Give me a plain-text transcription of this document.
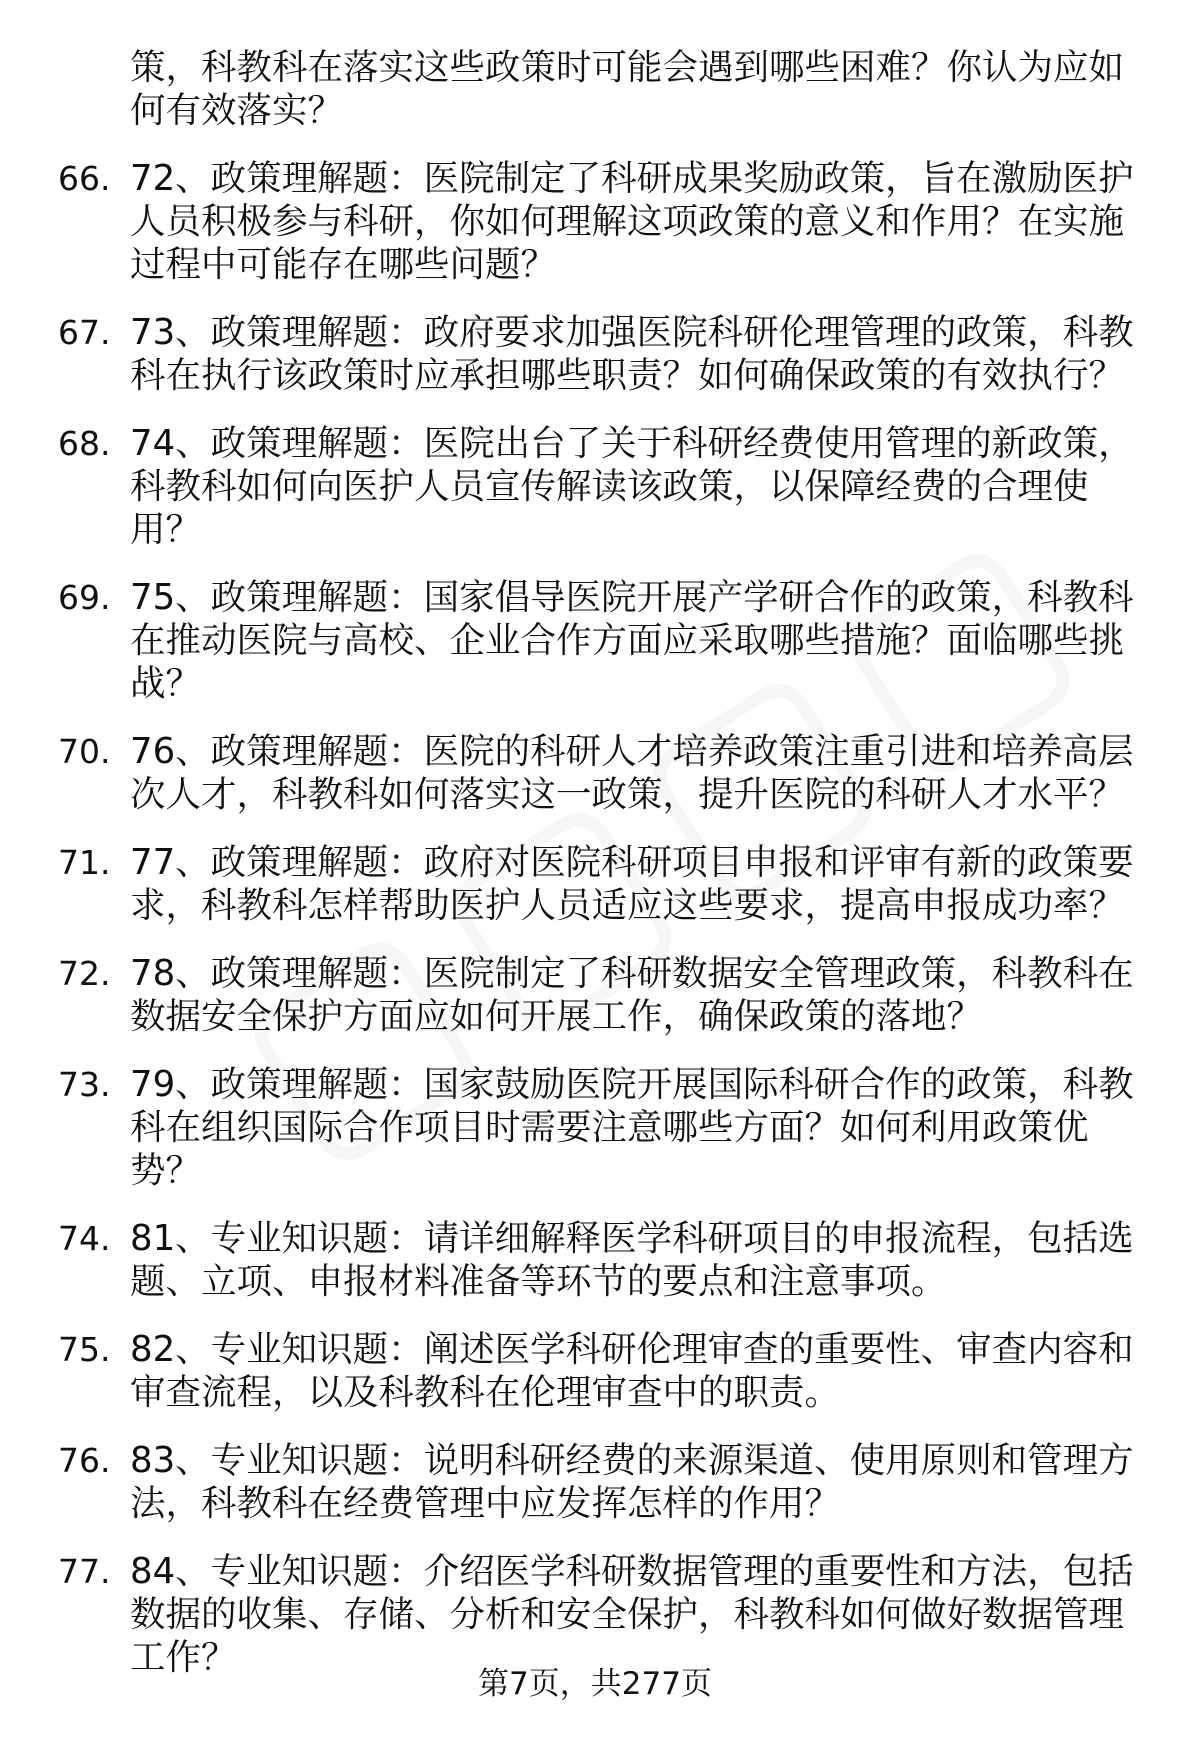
策，科教科在落实这些政策时可能会遇到哪些困难？你认为应如何有效落实？
66. 72、政策理解题：医院制定了科研成果奖励政策，旨在激励医护人员积极参与科研，你如何理解这项政策的意义和作用？在实施过程中可能存在哪些问题？
67. 73、政策理解题：政府要求加强医院科研伦理管理的政策，科教科在执行该政策时应承担哪些职责？如何确保政策的有效执行？
68. 74、政策理解题：医院出台了关于科研经费使用管理的新政策，科教科如何向医护人员宣传解读该政策，以保障经费的合理使用？
69. 75、政策理解题：国家倡导医院开展产学研合作的政策，科教科在推动医院与高校、企业合作方面应采取哪些措施？面临哪些挑战？
70. 76、政策理解题：医院的科研人才培养政策注重引进和培养高层次人才，科教科如何落实这一政策，提升医院的科研人才水平？
71. 77、政策理解题：政府对医院科研项目申报和评审有新的政策要求，科教科怎样帮助医护人员适应这些要求，提高申报成功率？
72. 78、政策理解题：医院制定了科研数据安全管理政策，科教科在数据安全保护方面应如何开展工作，确保政策的落地？
73. 79、政策理解题：国家鼓励医院开展国际科研合作的政策，科教科在组织国际合作项目时需要注意哪些方面？如何利用政策优势？
74. 81、专业知识题：请详细解释医学科研项目的申报流程，包括选题、立项、申报材料准备等环节的要点和注意事项。
75. 82、专业知识题：阐述医学科研伦理审查的重要性、审查内容和审查流程，以及科教科在伦理审查中的职责。
76. 83、专业知识题：说明科研经费的来源渠道、使用原则和管理方法，科教科在经费管理中应发挥怎样的作用？
77. 84、专业知识题：介绍医学科研数据管理的重要性和方法，包括数据的收集、存储、分析和安全保护，科教科如何做好数据管理工作？
第7页，共277页
